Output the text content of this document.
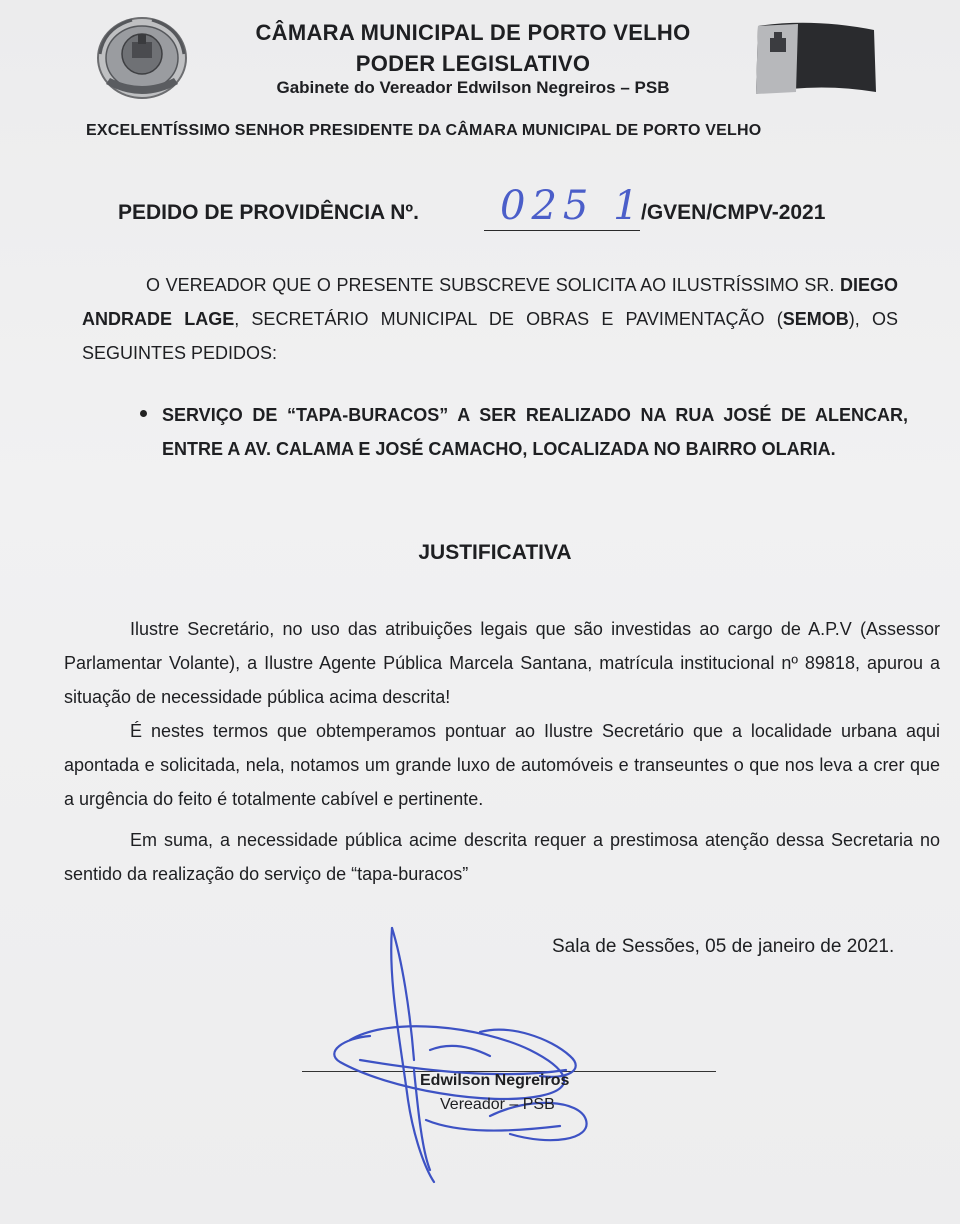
CÂMARA MUNICIPAL DE PORTO VELHO
PODER LEGISLATIVO
Gabinete do Vereador Edwilson Negreiros – PSB
EXCELENTÍSSIMO SENHOR PRESIDENTE DA CÂMARA MUNICIPAL DE PORTO VELHO
PEDIDO DE PROVIDÊNCIA Nº. 025 1
/GVEN/CMPV-2021
O VEREADOR QUE O PRESENTE SUBSCREVE SOLICITA AO ILUSTRÍSSIMO SR. DIEGO ANDRADE LAGE, SECRETÁRIO MUNICIPAL DE OBRAS E PAVIMENTAÇÃO (SEMOB), OS SEGUINTES PEDIDOS:
SERVIÇO DE “TAPA-BURACOS” A SER REALIZADO NA RUA JOSÉ DE ALENCAR, ENTRE A AV. CALAMA E JOSÉ CAMACHO, LOCALIZADA NO BAIRRO OLARIA.
JUSTIFICATIVA
Ilustre Secretário, no uso das atribuições legais que são investidas ao cargo de A.P.V (Assessor Parlamentar Volante), a Ilustre Agente Pública Marcela Santana, matrícula institucional nº 89818, apurou a situação de necessidade pública acima descrita!
É nestes termos que obtemperamos pontuar ao Ilustre Secretário que a localidade urbana aqui apontada e solicitada, nela, notamos um grande luxo de automóveis e transeuntes o que nos leva a crer que a urgência do feito é totalmente cabível e pertinente.
Em suma, a necessidade pública acime descrita requer a prestimosa atenção dessa Secretaria no sentido da realização do serviço de “tapa-buracos”
Sala de Sessões, 05 de janeiro de 2021.
Edwilson Negreiros
Vereador – PSB
